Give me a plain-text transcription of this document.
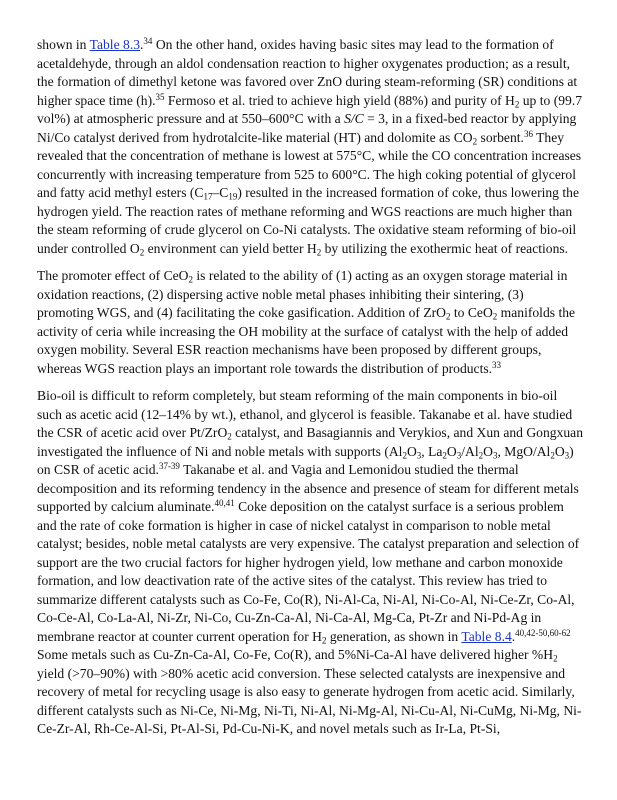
shown in Table 8.3.34 On the other hand, oxides having basic sites may lead to the formation of acetaldehyde, through an aldol condensation reaction to higher oxygenates production; as a result, the formation of dimethyl ketone was favored over ZnO during steam-reforming (SR) conditions at higher space time (h).$^{35}$ Fermoso et al. tried to achieve high yield (88%) and purity of $H_2$ up to (99.7 vol%) at atmospheric pressure and at 550–600°C with a S/C = 3, in a fixed-bed reactor by applying Ni/Co catalyst derived from hydrotalcite-like material (HT) and dolomite as $CO_2$ sorbent.$^{36}$ They revealed that the concentration of methane is lowest at 575°C, while the CO concentration increases concurrently with increasing temperature from 525 to 600°C. The high coking potential of glycerol and fatty acid methyl esters $(C_{17}-C_{19})$ resulted in the increased formation of coke, thus lowering the hydrogen yield. The reaction rates of methane reforming and WGS reactions are much higher than the steam reforming of crude glycerol on Co-Ni catalysts. The oxidative steam reforming of bio-oil under controlled $O_2$ environment can yield better $H_2$ by utilizing the exothermic heat of reactions.

The promoter effect of CeO$_2$ is related to the ability of (1) acting as an oxygen storage material in oxidation reactions, (2) dispersing active noble metal phases inhibiting their sintering, (3) promoting WGS, and (4) facilitating the coke gasification. Addition of ZrO$_2$ to CeO$_2$ manifolds the activity of ceria while increasing the OH mobility at the surface of catalyst with the help of added oxygen mobility. Several ESR reaction mechanisms have been proposed by different groups, whereas WGS reaction plays an important role towards the distribution of products.$^{33}$

Bio-oil is difficult to reform completely, but steam reforming of the main components in bio-oil such as acetic acid (12–14% by wt.), ethanol, and glycerol is feasible. Takanabe et al. have studied the CSR of acetic acid over Pt/ZrO$_2$ catalyst, and Basagiannis and Verykios, and Xun and Gongxuan investigated the influence of Ni and noble metals with supports ($Al_2O_3$, $La_2O_3/Al_2O_3$, MgO/$Al_2O_3$) on CSR of acetic acid.$^{37-39}$ Takanabe et al. and Vagia and Lemonidou studied the thermal decomposition and its reforming tendency in the absence and presence of steam for different metals supported by calcium aluminate.$^{40,41}$ Coke deposition on the catalyst surface is a serious problem and the rate of coke formation is higher in case of nickel catalyst in comparison to noble metal catalyst; besides, noble metal catalysts are very expensive. The catalyst preparation and selection of support are the two crucial factors for higher hydrogen yield, low methane and carbon monoxide formation, and low deactivation rate of the active sites of the catalyst. This review has tried to summarize different catalysts such as Co-Fe, Co(R), Ni-Al-Ca, Ni-Al, Ni-Co-Al, Ni-Ce-Zr, Co-Al, Co-Ce-Al, Co-La-Al, Ni-Zr, Ni-Co, Cu-Zn-Ca-Al, Ni-Ca-Al, Mg-Ca, Pt-Zr and Ni-Pd-Ag in membrane reactor at counter current operation for $H_2$ generation, as shown in Table 8.4.$^{40,42-50,60-62}$ Some metals such as Cu-Zn-Ca-Al, Co-Fe, Co(R), and 5%Ni-Ca-Al have delivered higher $\%H_2$ yield (>70–90%) with >80% acetic acid conversion. These selected catalysts are inexpensive and recovery of metal for recycling usage is also easy to generate hydrogen from acetic acid. Similarly, different catalysts such as Ni-Ce, Ni-Mg, Ni-Ti, Ni-Al, Ni-Mg-Al, Ni-Cu-Al, Ni-CuMg, Ni-Mg, Ni-Ce-Zr-Al, Rh-Ce-Al-Si, Pt-Al-Si, Pd-Cu-Ni-K, and novel metals such as Ir-La, Pt-Si,
